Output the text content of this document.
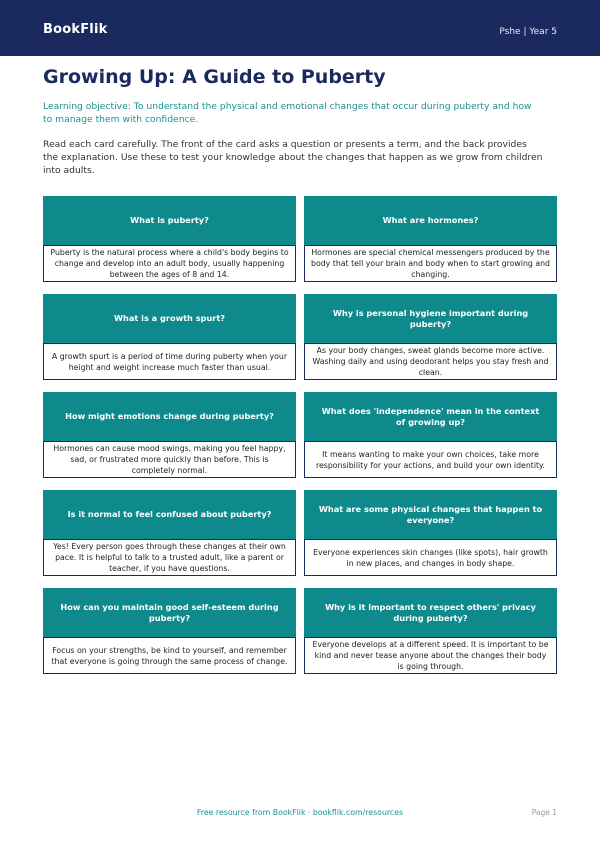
BookFlik	Pshe | Year 5
Growing Up: A Guide to Puberty
Learning objective: To understand the physical and emotional changes that occur during puberty and how to manage them with confidence.
Read each card carefully. The front of the card asks a question or presents a term, and the back provides the explanation. Use these to test your knowledge about the changes that happen as we grow from children into adults.
What is puberty?
Puberty is the natural process where a child's body begins to change and develop into an adult body, usually happening between the ages of 8 and 14.
What are hormones?
Hormones are special chemical messengers produced by the body that tell your brain and body when to start growing and changing.
What is a growth spurt?
A growth spurt is a period of time during puberty when your height and weight increase much faster than usual.
Why is personal hygiene important during puberty?
As your body changes, sweat glands become more active. Washing daily and using deodorant helps you stay fresh and clean.
How might emotions change during puberty?
Hormones can cause mood swings, making you feel happy, sad, or frustrated more quickly than before. This is completely normal.
What does 'independence' mean in the context of growing up?
It means wanting to make your own choices, take more responsibility for your actions, and build your own identity.
Is it normal to feel confused about puberty?
Yes! Every person goes through these changes at their own pace. It is helpful to talk to a trusted adult, like a parent or teacher, if you have questions.
What are some physical changes that happen to everyone?
Everyone experiences skin changes (like spots), hair growth in new places, and changes in body shape.
How can you maintain good self-esteem during puberty?
Focus on your strengths, be kind to yourself, and remember that everyone is going through the same process of change.
Why is it important to respect others' privacy during puberty?
Everyone develops at a different speed. It is important to be kind and never tease anyone about the changes their body is going through.
Free resource from BookFlik · bookflik.com/resources	Page 1
